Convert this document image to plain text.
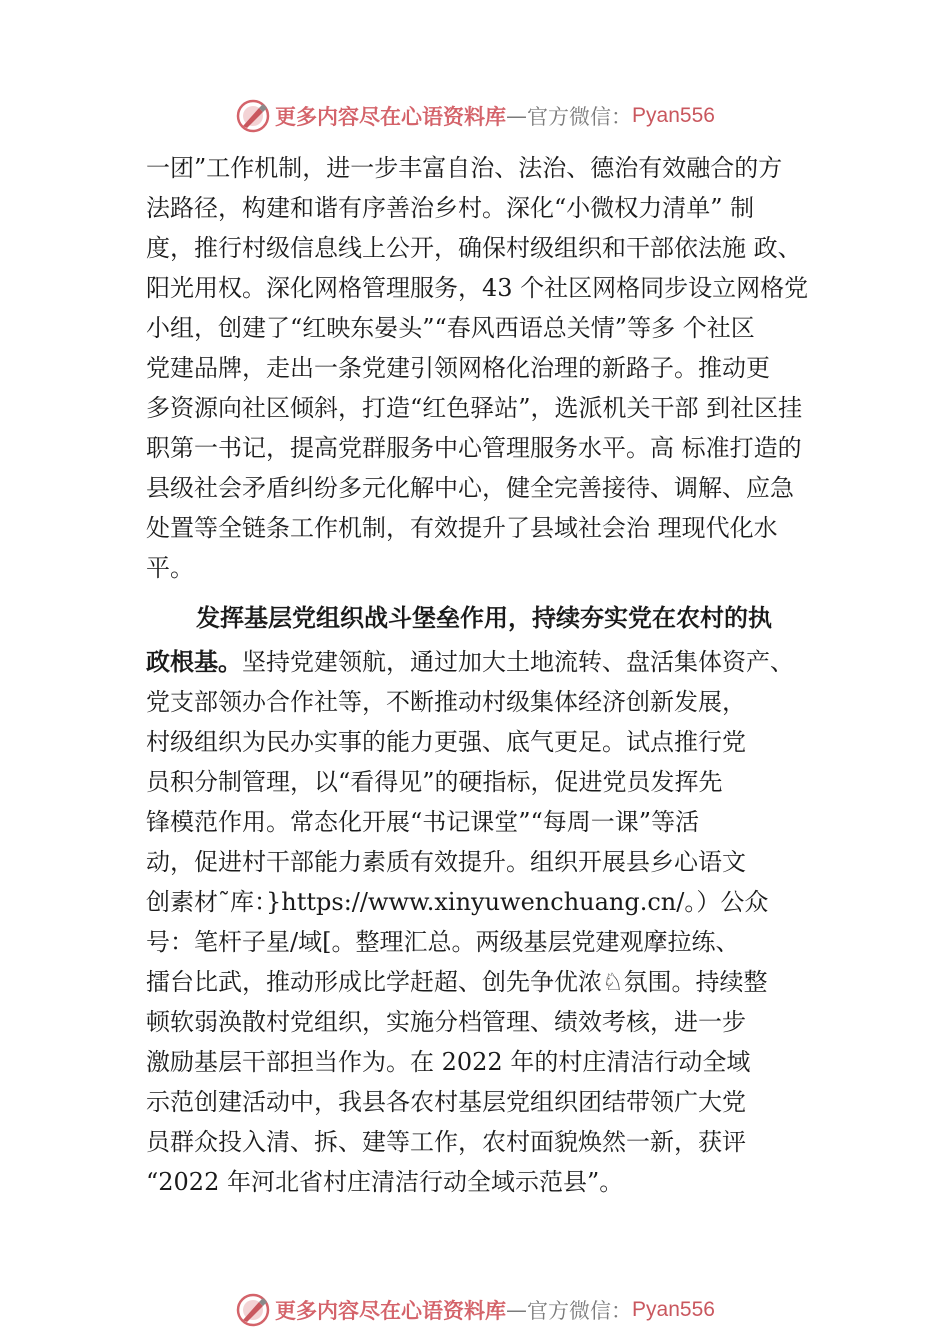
更多内容尽在心语资料库 — 官方微信： Pyan556
一团”工作机制，进一步丰富自治、法治、德治有效融合的方
法路径，构建和谐有序善治乡村。深化“小微权力清单” 制
度，推行村级信息线上公开，确保村级组织和干部依法施 政、
阳光用权。深化网格管理服务，43 个社区网格同步设立网格党
小组，创建了“红映东晏头”“春风西语总关情”等多 个社区
党建品牌，走出一条党建引领网格化治理的新路子。推动更
多资源向社区倾斜，打造“红色驿站”，选派机关干部 到社区挂
职第一书记，提高党群服务中心管理服务水平。高 标准打造的
县级社会矛盾纠纷多元化解中心，健全完善接待、调解、应急
处置等全链条工作机制，有效提升了县域社会治 理现代化水
平。
发挥基层党组织战斗堡垒作用，持续夯实党在农村的执
政根基。坚持党建领航，通过加大土地流转、盘活集体资产、
党支部领办合作社等，不断推动村级集体经济创新发展，
村级组织为民办实事的能力更强、底气更足。试点推行党
员积分制管理，以“看得见”的硬指标，促进党员发挥先
锋模范作用。常态化开展“书记课堂”“每周一课”等活
动，促进村干部能力素质有效提升。组织开展县乡心语文
创素材˜库：}https://www.xinyuwenchuang.cn/。）公众
号：笔杆子星/域[。整理汇总。两级基层党建观摩拉练、
擂台比武，推动形成比学赶超、创先争优浓♘氛围。持续整
顿软弱涣散村党组织，实施分档管理、绩效考核，进一步
激励基层干部担当作为。在 2022 年的村庄清洁行动全域
示范创建活动中，我县各农村基层党组织团结带领广大党
员群众投入清、拆、建等工作，农村面貌焕然一新，获评
“2022 年河北省村庄清洁行动全域示范县”。
更多内容尽在心语资料库 — 官方微信： Pyan556
